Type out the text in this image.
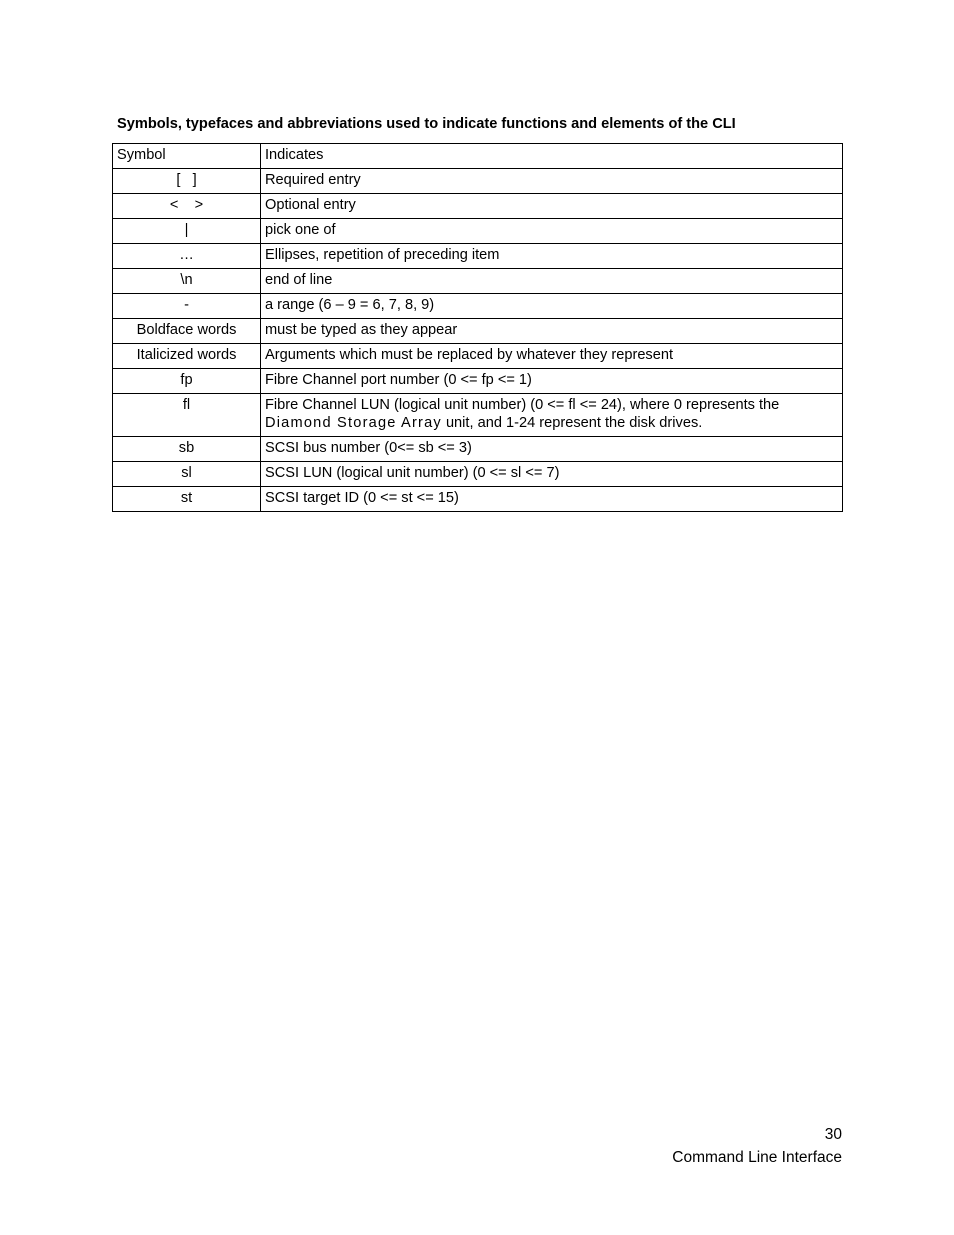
Symbols, typefaces and abbreviations used to indicate functions and elements of the CLI
Symbol	Indicates
[   ]	Required entry
<    >	Optional entry
|	pick one of
…	Ellipses, repetition of preceding item
\n	end of line
-	a range (6 – 9 = 6, 7, 8, 9)
Boldface words	must be typed as they appear
Italicized words	Arguments which must be replaced by whatever they represent
fp	Fibre Channel port number (0 <= fp <= 1)
fl	Fibre Channel LUN (logical unit number) (0 <= fl <= 24), where 0 represents the Diamond Storage Array unit, and 1-24 represent the disk drives.
sb	SCSI bus number (0<= sb <= 3)
sl	SCSI LUN (logical unit number) (0 <= sl <= 7)
st	SCSI target ID (0 <= st <= 15)
30
Command Line Interface
